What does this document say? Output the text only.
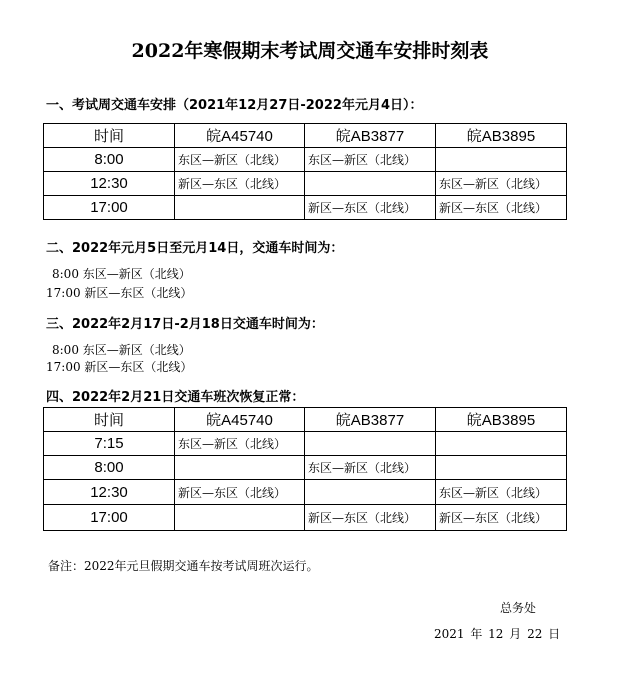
2022年寒假期末考试周交通车安排时刻表
一、考试周交通车安排（2021年12月27日-2022年元月4日）：
时间	皖A45740	皖AB3877	皖AB3895
8:00	东区—新区（北线）	东区—新区（北线）	
12:30	新区—东区（北线）		东区—新区（北线）
17:00		新区—东区（北线）	新区—东区（北线）
二、2022年元月5日至元月14日，交通车时间为：
8:00 东区—新区（北线）
17:00 新区—东区（北线）
三、2022年2月17日-2月18日交通车时间为：
8:00 东区—新区（北线）
17:00 新区—东区（北线）
四、2022年2月21日交通车班次恢复正常：
时间	皖A45740	皖AB3877	皖AB3895
7:15	东区—新区（北线）		
8:00		东区—新区（北线）	
12:30	新区—东区（北线）		东区—新区（北线）
17:00		新区—东区（北线）	新区—东区（北线）
备注：2022年元旦假期交通车按考试周班次运行。
总务处
2021 年 12 月 22 日
